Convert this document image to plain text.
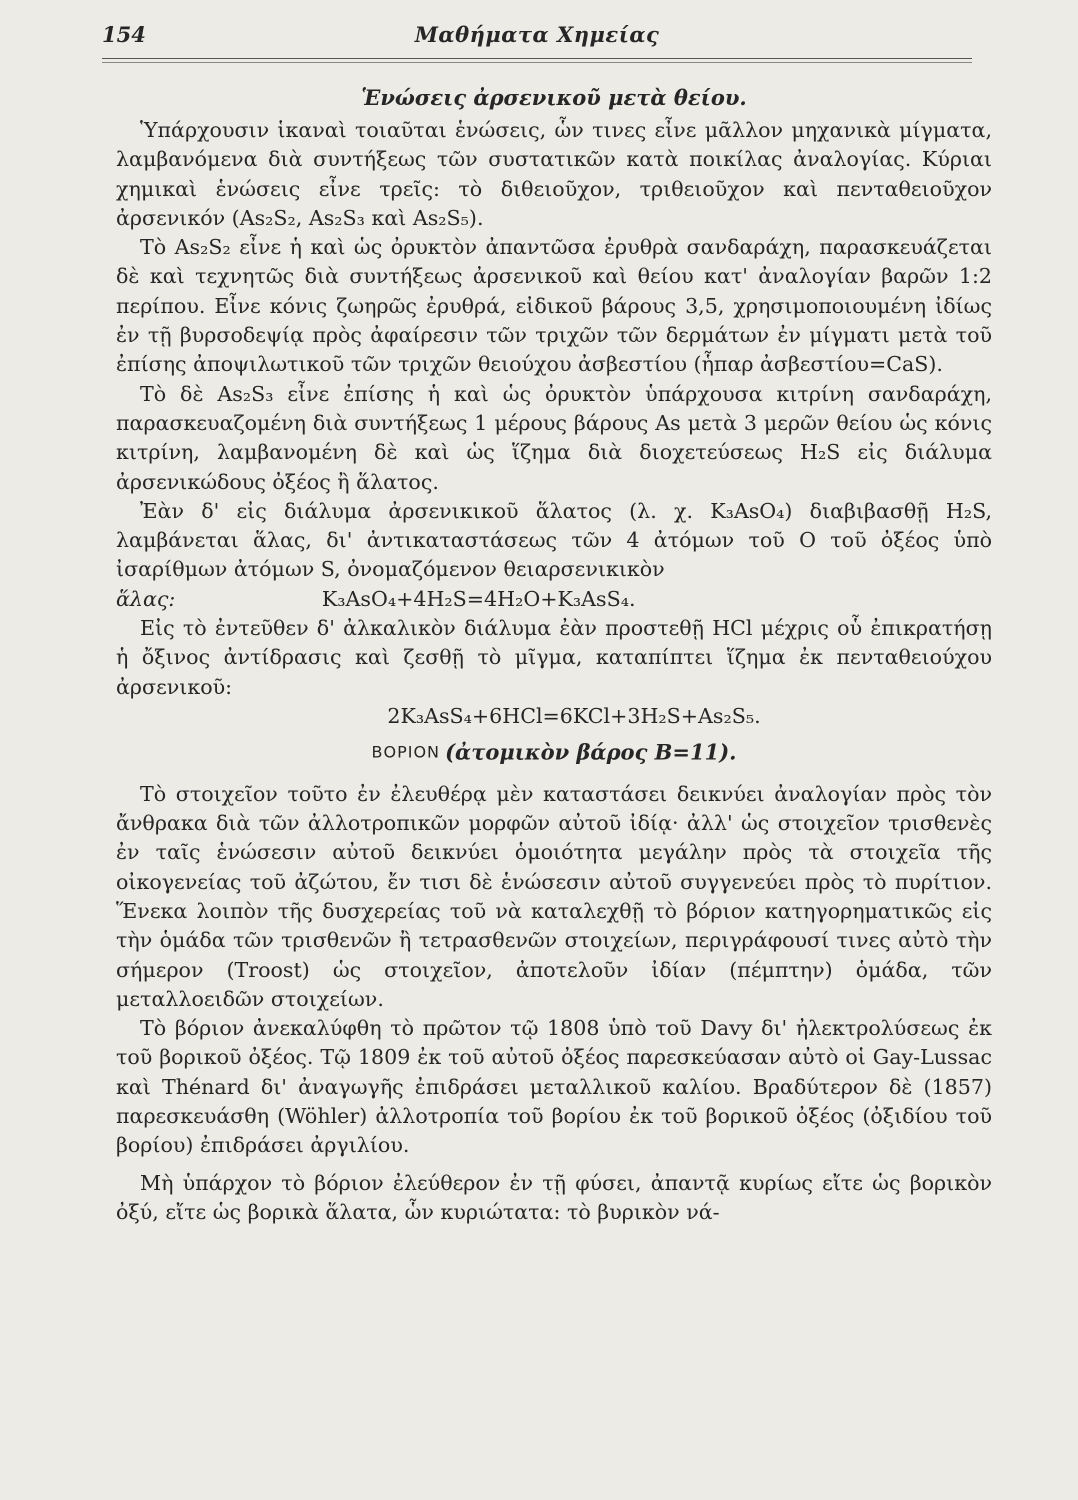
154	Μαθήματα Χημείας
Ἑνώσεις ἀρσενικοῦ μετὰ θείου.

Ὑπάρχουσιν ἱκαναὶ τοιαῦται ἑνώσεις, ὧν τινες εἶνε μᾶλλον μηχανικὰ μίγματα, λαμβανόμενα διὰ συντήξεως τῶν συστατικῶν κατὰ ποικίλας ἀναλογίας. Κύριαι χημικαὶ ἑνώσεις εἶνε τρεῖς: τὸ διθειοῦχον, τριθειοῦχον καὶ πενταθειοῦχον ἀρσενικόν (As₂S₂, As₂S₃ καὶ As₂S₅).

Τὸ As₂S₂ εἶνε ἡ καὶ ὡς ὀρυκτὸν ἀπαντῶσα ἐρυθρὰ σανδαράχη, παρασκευάζεται δὲ καὶ τεχνητῶς διὰ συντήξεως ἀρσενικοῦ καὶ θείου κατ' ἀναλογίαν βαρῶν 1:2 περίπου. Εἶνε κόνις ζωηρῶς ἐρυθρά, εἰδικοῦ βάρους 3,5, χρησιμοποιουμένη ἰδίως ἐν τῇ βυρσοδεψίᾳ πρὸς ἀφαίρεσιν τῶν τριχῶν τῶν δερμάτων ἐν μίγματι μετὰ τοῦ ἐπίσης ἀποψιλωτικοῦ τῶν τριχῶν θειούχου ἀσβεστίου (ἧπαρ ἀσβεστίου=CaS).

Τὸ δὲ As₂S₃ εἶνε ἐπίσης ἡ καὶ ὡς ὀρυκτὸν ὑπάρχουσα κιτρίνη σανδαράχη, παρασκευαζομένη διὰ συντήξεως 1 μέρους βάρους As μετὰ 3 μερῶν θείου ὡς κόνις κιτρίνη, λαμβανομένη δὲ καὶ ὡς ἵζημα διὰ διοχετεύσεως H₂S εἰς διάλυμα ἀρσενικώδους ὀξέος ἢ ἅλατος.

Ἐὰν δ' εἰς διάλυμα ἀρσενικικοῦ ἅλατος (λ. χ. K₃AsO₄) διαβιβασθῇ H₂S, λαμβάνεται ἅλας, δι' ἀντικαταστάσεως τῶν 4 ἀτόμων τοῦ O τοῦ ὀξέος ὑπὸ ἰσαρίθμων ἀτόμων S, ὀνομαζόμενον θειαρσενικικὸν

ἅλας:	K₃AsO₄+4H₂S=4H₂O+K₃AsS₄.

Εἰς τὸ ἐντεῦθεν δ' ἀλκαλικὸν διάλυμα ἐὰν προστεθῇ HCl μέχρις οὗ ἐπικρατήσῃ ἡ ὄξινος ἀντίδρασις καὶ ζεσθῇ τὸ μῖγμα, καταπίπτει ἵζημα ἐκ πενταθειούχου ἀρσενικοῦ:

2K₃AsS₄+6HCl=6KCl+3H₂S+As₂S₅.

ΒΟΡΙΟΝ (ἀτομικὸν βάρος B=11).

Τὸ στοιχεῖον τοῦτο ἐν ἐλευθέρᾳ μὲν καταστάσει δεικνύει ἀναλογίαν πρὸς τὸν ἄνθρακα διὰ τῶν ἀλλοτροπικῶν μορφῶν αὐτοῦ ἰδίᾳ· ἀλλ' ὡς στοιχεῖον τρισθενὲς ἐν ταῖς ἑνώσεσιν αὐτοῦ δεικνύει ὁμοιότητα μεγάλην πρὸς τὰ στοιχεῖα τῆς οἰκογενείας τοῦ ἀζώτου, ἔν τισι δὲ ἑνώσεσιν αὐτοῦ συγγενεύει πρὸς τὸ πυρίτιον. Ἕνεκα λοιπὸν τῆς δυσχερείας τοῦ νὰ καταλεχθῇ τὸ βόριον κατηγορηματικῶς εἰς τὴν ὁμάδα τῶν τρισθενῶν ἢ τετρασθενῶν στοιχείων, περιγράφουσί τινες αὐτὸ τὴν σήμερον (Troost) ὡς στοιχεῖον, ἀποτελοῦν ἰδίαν (πέμπτην) ὁμάδα, τῶν μεταλλοειδῶν στοιχείων.

Τὸ βόριον ἀνεκαλύφθη τὸ πρῶτον τῷ 1808 ὑπὸ τοῦ Davy δι' ἠλεκτρολύσεως ἐκ τοῦ βορικοῦ ὀξέος. Τῷ 1809 ἐκ τοῦ αὐτοῦ ὀξέος παρεσκεύασαν αὐτὸ οἱ Gay-Lussac καὶ Thénard δι' ἀναγωγῆς ἐπιδράσει μεταλλικοῦ καλίου. Βραδύτερον δὲ (1857) παρεσκευάσθη (Wöhler) ἀλλοτροπία τοῦ βορίου ἐκ τοῦ βορικοῦ ὀξέος (ὀξιδίου τοῦ βορίου) ἐπιδράσει ἀργιλίου.

Μὴ ὑπάρχον τὸ βόριον ἐλεύθερον ἐν τῇ φύσει, ἀπαντᾷ κυρίως εἴτε ὡς βορικὸν ὀξύ, εἴτε ὡς βορικὰ ἅλατα, ὧν κυριώτατα: τὸ βυρικὸν νά-
